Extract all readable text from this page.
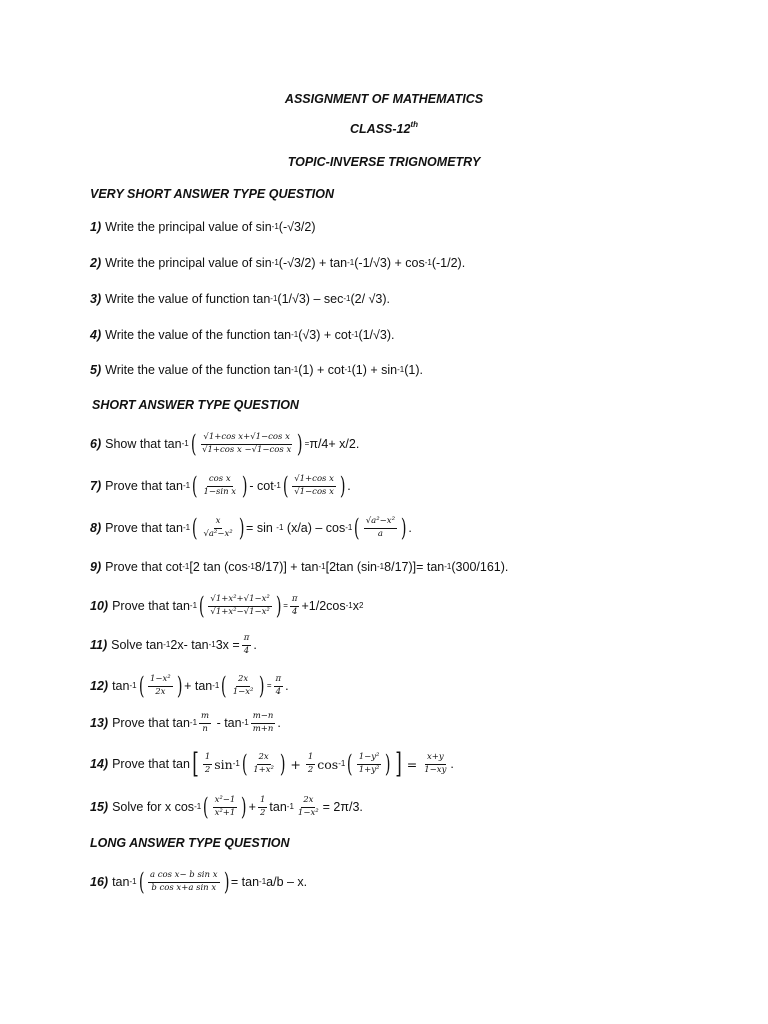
ASSIGNMENT OF MATHEMATICS
CLASS-12th
TOPIC-INVERSE TRIGNOMETRY
VERY SHORT ANSWER TYPE QUESTION
1) Write the principal value of sin -1 (-√3/2)
2) Write the principal value of sin -1 (-√3/2) + tan -1 (-1/√3) + cos -1 (-1/2).
3) Write the value of function tan -1 (1/√3) – sec -1 (2/ √3).
4) Write the value of the function tan -1 (√3) + cot -1 (1/√3).
5) Write the value of the function tan -1 (1) + cot -1 (1) + sin -1 (1).
SHORT ANSWER TYPE QUESTION
6) Show that tan -1 ( $\frac{\text{√1+cos x+√1−cos x}}{\text{√1+cos x −√1−cos x}}$ ) = π/4+ x/2.
7) Prove that tan -1 ( $\frac{\text{cos x}}{\text{1−sin x}}$ ) - cot -1 ( $\frac{\text{√1+cos x}}{\text{√1−cos x}}$ ) .
8) Prove that tan -1 ( $\frac{x}{\text{√a²−x²}}$ ) = sin
-1
(x/a) – cos -1 ( $\frac{\text{√a²−x²}}{a}$ ) .
9) Prove that cot -1 [2 tan (cos -1 8/17)] + tan -1 [2tan (sin -1 8/17)]= tan -1 (300/161).
10) Prove that tan -1 ( $\frac{\text{√1+x²+√1−x²}}{\text{√1+x²−√1−x²}}$ ) = $\frac{\pi}{4} +1/2\cos$ -1 x 2
11) Solve tan -1 2x- tan -1 $3x = \frac{\pi}{4}$ .
12) tan -1 ( $\frac{\text{1−x²}}{2x}$ ) + tan -1 ( $\frac{2x}{\text{1−x²}}$ ) = $\frac{\pi}{4}$ .
13) Prove that $\tan -1 \frac{m}{n}$
- $\tan -1 \frac{m-n}{m+n}$ .
14) Prove that tan [ $\frac{1}{2}$ sin -1 ( $\frac{2x}{\text{1+x²}}$ ) + $\frac{1}{2}$ cos -1 ( $\frac{\text{1−y²}}{\text{1+y²}}$ ) ] = $\frac{x+y}{1-xy}$ .
15) Solve for x cos -1 ( $\frac{\text{x²−1}}{\text{x²+1}}$ ) + $\frac{1}{2}$ $\tan -1 \frac{2x}{\text{1−x²}} = 2\pi/3$.
LONG ANSWER TYPE QUESTION
16) tan -1 ( $\frac{\text{a cos x− b sin x}}{\text{b cos x+a sin x}}$ ) = tan -1 a/b – x.
